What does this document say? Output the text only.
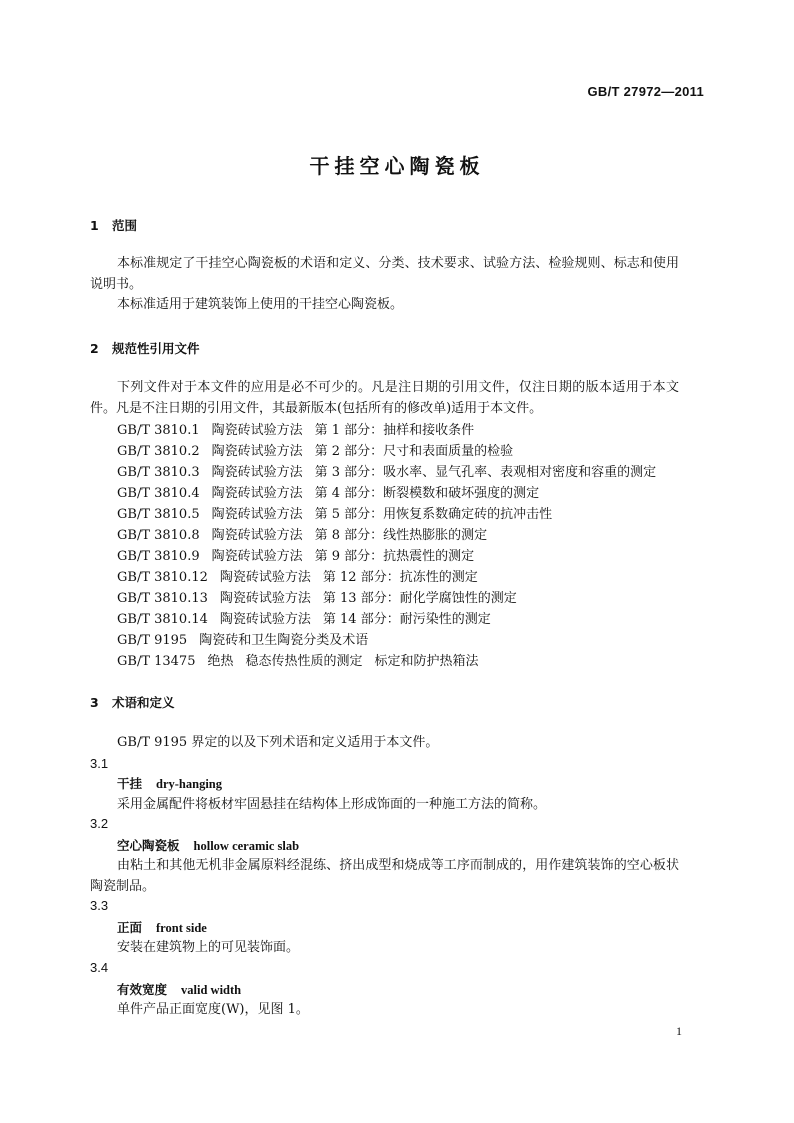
GB/T 27972—2011
干挂空心陶瓷板
1 范围
本标准规定了干挂空心陶瓷板的术语和定义、分类、技术要求、试验方法、检验规则、标志和使用说明书。
本标准适用于建筑装饰上使用的干挂空心陶瓷板。
2 规范性引用文件
下列文件对于本文件的应用是必不可少的。凡是注日期的引用文件，仅注日期的版本适用于本文件。凡是不注日期的引用文件，其最新版本(包括所有的修改单)适用于本文件。
GB/T 3810.1 陶瓷砖试验方法 第 1 部分：抽样和接收条件
GB/T 3810.2 陶瓷砖试验方法 第 2 部分：尺寸和表面质量的检验
GB/T 3810.3 陶瓷砖试验方法 第 3 部分：吸水率、显气孔率、表观相对密度和容重的测定
GB/T 3810.4 陶瓷砖试验方法 第 4 部分：断裂模数和破坏强度的测定
GB/T 3810.5 陶瓷砖试验方法 第 5 部分：用恢复系数确定砖的抗冲击性
GB/T 3810.8 陶瓷砖试验方法 第 8 部分：线性热膨胀的测定
GB/T 3810.9 陶瓷砖试验方法 第 9 部分：抗热震性的测定
GB/T 3810.12 陶瓷砖试验方法 第 12 部分：抗冻性的测定
GB/T 3810.13 陶瓷砖试验方法 第 13 部分：耐化学腐蚀性的测定
GB/T 3810.14 陶瓷砖试验方法 第 14 部分：耐污染性的测定
GB/T 9195 陶瓷砖和卫生陶瓷分类及术语
GB/T 13475 绝热 稳态传热性质的测定 标定和防护热箱法
3 术语和定义
GB/T 9195 界定的以及下列术语和定义适用于本文件。
3.1
干挂 dry-hanging
采用金属配件将板材牢固悬挂在结构体上形成饰面的一种施工方法的简称。
3.2
空心陶瓷板 hollow ceramic slab
由粘土和其他无机非金属原料经混练、挤出成型和烧成等工序而制成的，用作建筑装饰的空心板状陶瓷制品。
3.3
正面 front side
安装在建筑物上的可见装饰面。
3.4
有效宽度 valid width
单件产品正面宽度(W)，见图 1。
1
